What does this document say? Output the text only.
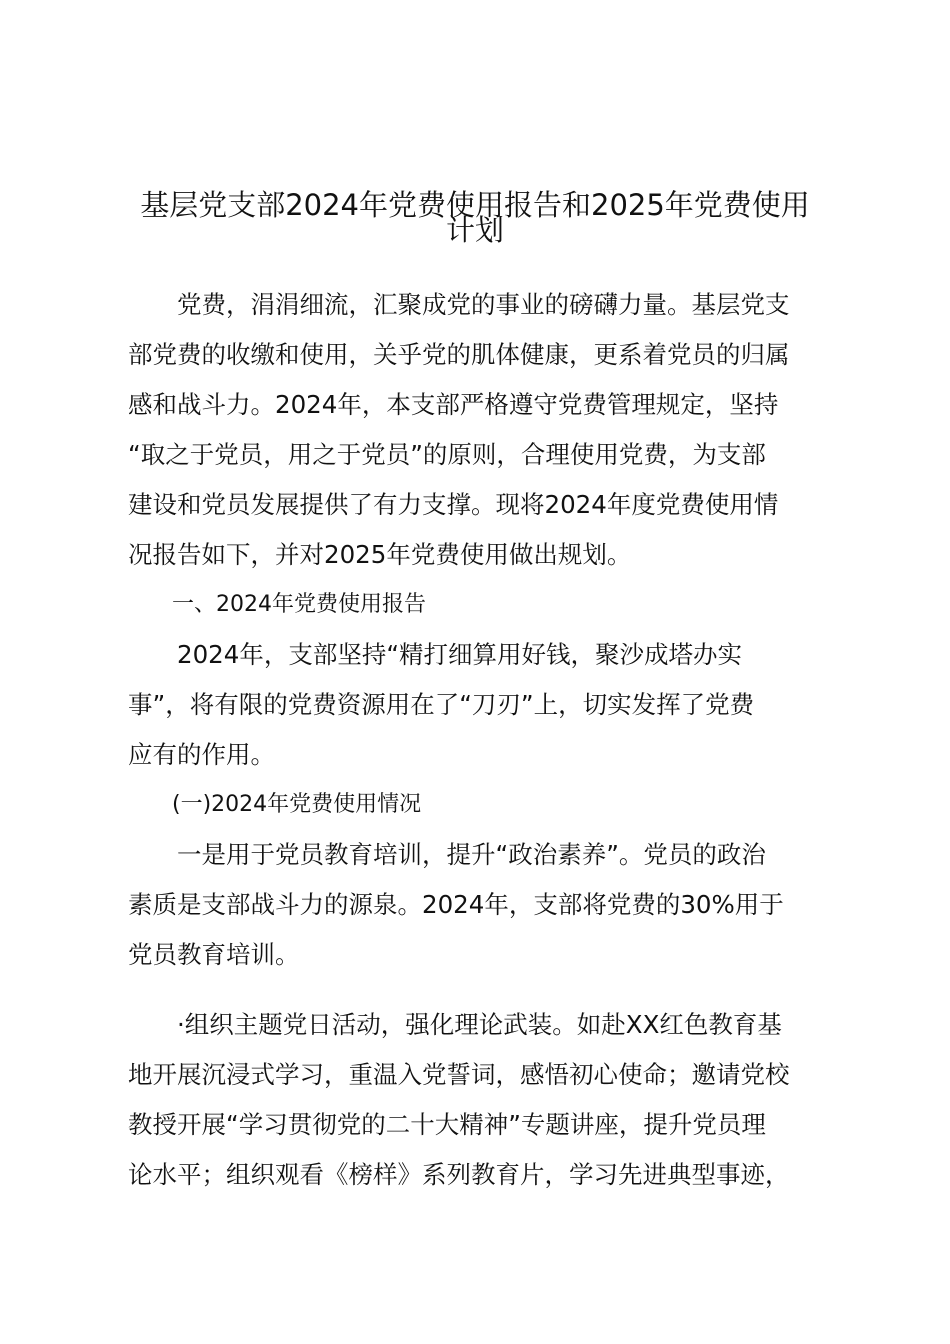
基层党支部2024年党费使用报告和2025年党费使用
计划

　　党费，涓涓细流，汇聚成党的事业的磅礴力量。基层党支

部党费的收缴和使用，关乎党的肌体健康，更系着党员的归属

感和战斗力。2024年，本支部严格遵守党费管理规定，坚持

“取之于党员，用之于党员”的原则，合理使用党费，为支部

建设和党员发展提供了有力支撑。现将2024年度党费使用情

况报告如下，并对2025年党费使用做出规划。

　　一、2024年党费使用报告

　　2024年，支部坚持“精打细算用好钱，聚沙成塔办实

事”，将有限的党费资源用在了“刀刃”上，切实发挥了党费

应有的作用。

　　(一)2024年党费使用情况

　　一是用于党员教育培训，提升“政治素养”。党员的政治

素质是支部战斗力的源泉。2024年，支部将党费的30%用于

党员教育培训。

　　·组织主题党日活动，强化理论武装。如赴XX红色教育基

地开展沉浸式学习，重温入党誓词，感悟初心使命；邀请党校

教授开展“学习贯彻党的二十大精神”专题讲座，提升党员理

论水平；组织观看《榜样》系列教育片，学习先进典型事迹，
